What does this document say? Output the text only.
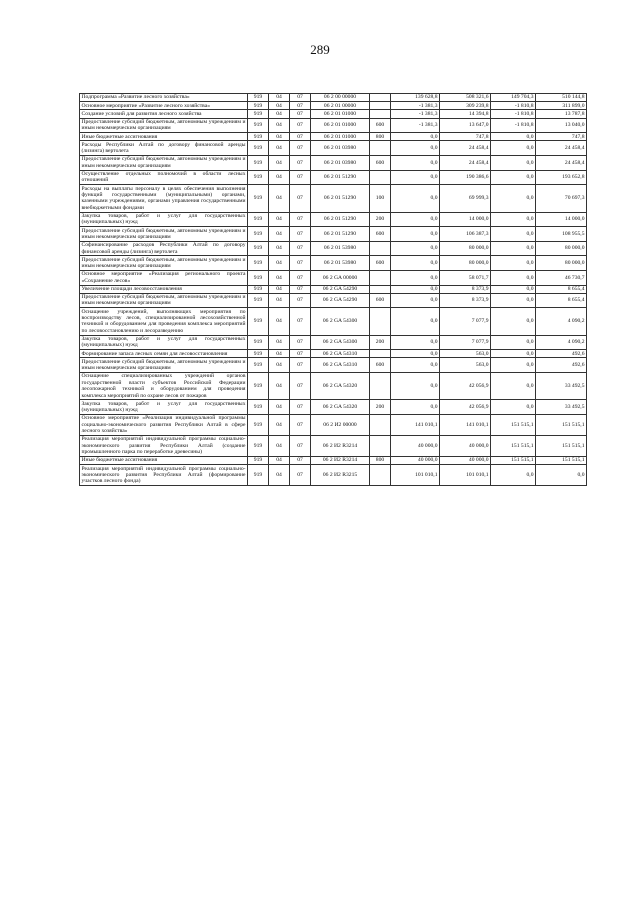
289
Подпрограмма «Развитие лесного хозяйства»	919	04	07	06 2 00 00000		139 628,8	508 321,6	149 704,3	510 144,8
Основное мероприятие «Развитие лесного хозяйства»	919	04	07	06 2 01 00000		-1 381,3	309 239,8	-1 810,8	311 899,0
Создание условий для развития лесного хозяйства	919	04	07	06 2 01 01000		-1 381,3	14 394,8	-1 810,8	13 787,8
Предоставление субсидий бюджетным, автономным учреждениям и иным некоммерческим организациям	919	04	07	06 2 01 01000	600	-1 381,3	13 647,0	-1 810,8	13 040,0
Иные бюджетные ассигнования	919	04	07	06 2 01 01000	800	0,0	747,8	0,0	747,8
Расходы Республики Алтай по договору финансовой аренды (лизинга) вертолета	919	04	07	06 2 01 03980		0,0	24 458,4	0,0	24 458,4
Предоставление субсидий бюджетным, автономным учреждениям и иным некоммерческим организациям	919	04	07	06 2 01 03980	600	0,0	24 458,4	0,0	24 458,4
Осуществление отдельных полномочий в области лесных отношений	919	04	07	06 2 01 51290		0,0	190 386,6	0,0	193 652,8
Расходы на выплаты персоналу в целях обеспечения выполнения функций государственными (муниципальными) органами, казенными учреждениями, органами управления государственными внебюджетными фондами	919	04	07	06 2 01 51290	100	0,0	69 999,3	0,0	70 697,3
Закупка товаров, работ и услуг для государственных (муниципальных) нужд	919	04	07	06 2 01 51290	200	0,0	14 000,0	0,0	14 000,0
Предоставление субсидий бюджетным, автономным учреждениям и иным некоммерческим организациям	919	04	07	06 2 01 51290	600	0,0	106 387,3	0,0	108 955,5
Софинансирование расходов Республики Алтай по договору финансовой аренды (лизинга) вертолета	919	04	07	06 2 01 53980		0,0	80 000,0	0,0	80 000,0
Предоставление субсидий бюджетным, автономным учреждениям и иным некоммерческим организациям	919	04	07	06 2 01 53980	600	0,0	80 000,0	0,0	80 000,0
Основное мероприятие «Реализация регионального проекта «Сохранение лесов»	919	04	07	06 2 GA 00000		0,0	58 071,7	0,0	46 730,7
Увеличение площади лесовосстановления	919	04	07	06 2 GA 54290		0,0	8 373,9	0,0	8 655,4
Предоставление субсидий бюджетным, автономным учреждениям и иным некоммерческим организациям	919	04	07	06 2 GA 54290	600	0,0	8 373,9	0,0	8 655,4
Оснащение учреждений, выполняющих мероприятия по воспроизводству лесов, специализированной лесохозяйственной техникой и оборудованием для проведения комплекса мероприятий по лесовосстановлению и лесоразведению	919	04	07	06 2 GA 54300		0,0	7 077,9	0,0	4 090,2
Закупка товаров, работ и услуг для государственных (муниципальных) нужд	919	04	07	06 2 GA 54300	200	0,0	7 077,9	0,0	4 090,2
Формирование запаса лесных семян для лесовосстановления	919	04	07	06 2 GA 54310		0,0	563,0	0,0	492,6
Предоставление субсидий бюджетным, автономным учреждениям и иным некоммерческим организациям	919	04	07	06 2 GA 54310	600	0,0	563,0	0,0	492,6
Оснащение специализированных учреждений органов государственной власти субъектов Российской Федерации лесопожарной техникой и оборудованием для проведения комплекса мероприятий по охране лесов от пожаров	919	04	07	06 2 GA 54320		0,0	42 056,9	0,0	33 492,5
Закупка товаров, работ и услуг для государственных (муниципальных) нужд	919	04	07	06 2 GA 54320	200	0,0	42 056,9	0,0	33 492,5
Основное мероприятие «Реализация индивидуальной программы социально-экономического развития Республики Алтай в сфере лесного хозяйства»	919	04	07	06 2 И2 00000		141 010,1	141 010,1	151 515,1	151 515,1
Реализация мероприятий индивидуальной программы социально-экономического развития Республики Алтай (создание промышленного парка по переработке древесины)	919	04	07	06 2 И2 R3214		40 000,0	40 000,0	151 515,1	151 515,1
Иные бюджетные ассигнования	919	04	07	06 2 И2 R3214	800	40 000,0	40 000,0	151 515,1	151 515,1
Реализация мероприятий индивидуальной программы социально-экономического развития Республики Алтай (формирование участков лесного фонда)	919	04	07	06 2 И2 R3215		101 010,1	101 010,1	0,0	0,0
